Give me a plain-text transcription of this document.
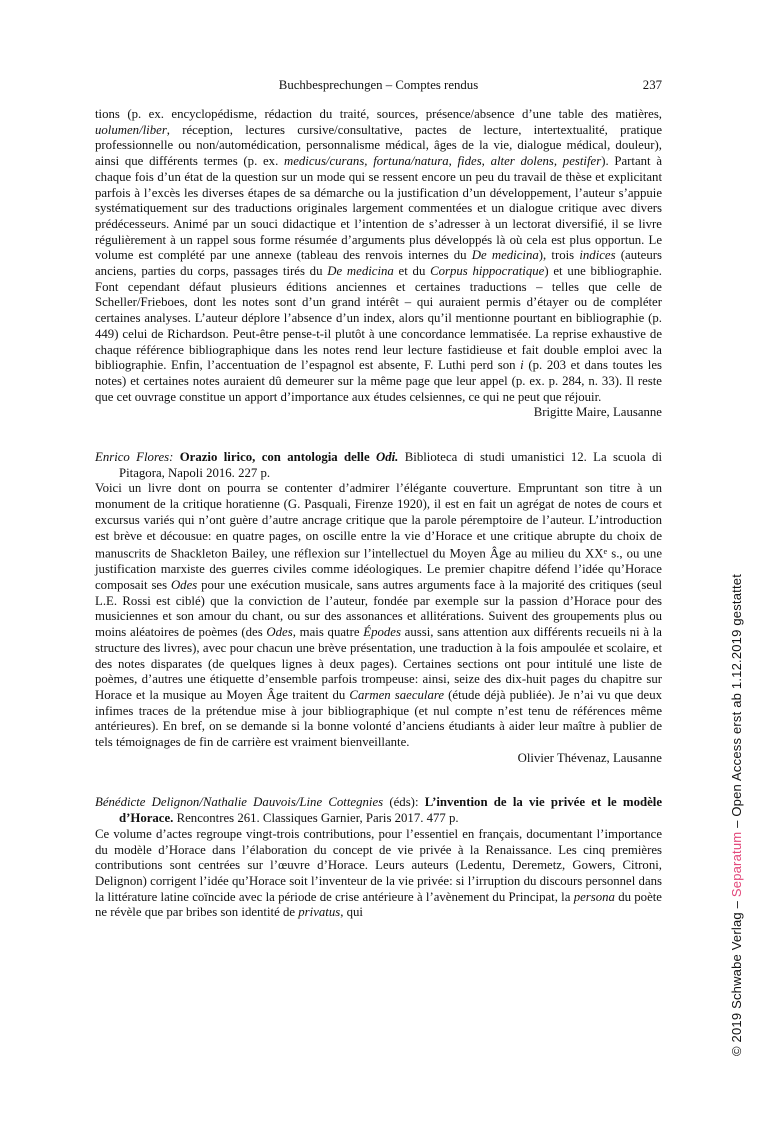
Buchbesprechungen – Comptes rendus	237

tions (p. ex. encyclopédisme, rédaction du traité, sources, présence/absence d’une table des matières, uolumen/liber, réception, lectures cursive/consultative, pactes de lecture, intertextualité, pratique professionnelle ou non/automédication, personnalisme médical, âges de la vie, dialogue médical, douleur), ainsi que différents termes (p. ex. medicus/curans, fortuna/natura, fides, alter dolens, pestifer). Partant à chaque fois d’un état de la question sur un mode qui se ressent encore un peu du travail de thèse et explicitant parfois à l’excès les diverses étapes de sa démarche ou la justification d’un développement, l’auteur s’appuie systématiquement sur des traductions originales largement commentées et un dialogue critique avec divers prédécesseurs. Animé par un souci didactique et l’intention de s’adresser à un lectorat diversifié, il se livre régulièrement à un rappel sous forme résumée d’arguments plus développés là où cela est plus opportun. Le volume est complété par une annexe (tableau des renvois internes du De medicina), trois indices (auteurs anciens, parties du corps, passages tirés du De medicina et du Corpus hippocratique) et une bibliographie. Font cependant défaut plusieurs éditions anciennes et certaines traductions – telles que celle de Scheller/Frieboes, dont les notes sont d’un grand intérêt – qui auraient permis d’étayer ou de compléter certaines analyses. L’auteur déplore l’absence d’un index, alors qu’il mentionne pourtant en bibliographie (p. 449) celui de Richardson. Peut-être pense-t-il plutôt à une concordance lemmatisée. La reprise exhaustive de chaque référence bibliographique dans les notes rend leur lecture fastidieuse et fait double emploi avec la bibliographie. Enfin, l’accentuation de l’espagnol est absente, F. Luthi perd son i (p. 203 et dans toutes les notes) et certaines notes auraient dû demeurer sur la même page que leur appel (p. ex. p. 284, n. 33). Il reste que cet ouvrage constitue un apport d’importance aux études celsiennes, ce qui ne peut que réjouir.

Brigitte Maire, Lausanne

Enrico Flores: Orazio lirico, con antologia delle Odi. Biblioteca di studi umanistici 12. La scuola di Pitagora, Napoli 2016. 227 p.

Voici un livre dont on pourra se contenter d’admirer l’élégante couverture. Empruntant son titre à un monument de la critique horatienne (G. Pasquali, Firenze 1920), il est en fait un agrégat de notes de cours et excursus variés qui n’ont guère d’autre ancrage critique que la parole péremptoire de l’auteur. L’introduction est brève et décousue: en quatre pages, on oscille entre la vie d’Horace et une critique abrupte du choix de manuscrits de Shackleton Bailey, une réflexion sur l’intellectuel du Moyen Âge au milieu du XXe s., ou une justification marxiste des guerres civiles comme idéologiques. Le premier chapitre défend l’idée qu’Horace composait ses Odes pour une exécution musicale, sans autres arguments face à la majorité des critiques (seul L.E. Rossi est ciblé) que la conviction de l’auteur, fondée par exemple sur la passion d’Horace pour des musiciennes et son amour du chant, ou sur des assonances et allitérations. Suivent des groupements plus ou moins aléatoires de poèmes (des Odes, mais quatre Épodes aussi, sans attention aux différents recueils ni à la structure des livres), avec pour chacun une brève présentation, une traduction à la fois ampoulée et scolaire, et des notes disparates (de quelques lignes à deux pages). Certaines sections ont pour intitulé une liste de poèmes, d’autres une étiquette d’ensemble parfois trompeuse: ainsi, seize des dix-huit pages du chapitre sur Horace et la musique au Moyen Âge traitent du Carmen saeculare (étude déjà publiée). Je n’ai vu que deux infimes traces de la prétendue mise à jour bibliographique (et nul compte n’est tenu de références même antérieures). En bref, on se demande si la bonne volonté d’anciens étudiants à aider leur maître à publier de tels témoignages de fin de carrière est vraiment bienveillante.

Olivier Thévenaz, Lausanne

Bénédicte Delignon/Nathalie Dauvois/Line Cottegnies (éds): L’invention de la vie privée et le modèle d’Horace. Rencontres 261. Classiques Garnier, Paris 2017. 477 p.

Ce volume d’actes regroupe vingt-trois contributions, pour l’essentiel en français, documentant l’importance du modèle d’Horace dans l’élaboration du concept de vie privée à la Renaissance. Les cinq premières contributions sont centrées sur l’œuvre d’Horace. Leurs auteurs (Ledentu, Deremetz, Gowers, Citroni, Delignon) corrigent l’idée qu’Horace soit l’inventeur de la vie privée: si l’irruption du discours personnel dans la littérature latine coïncide avec la période de crise antérieure à l’avènement du Principat, la persona du poète ne révèle que par bribes son identité de privatus, qui	© 2019 Schwabe Verlag – Separatum – Open Access erst ab 1.12.2019 gestattet
